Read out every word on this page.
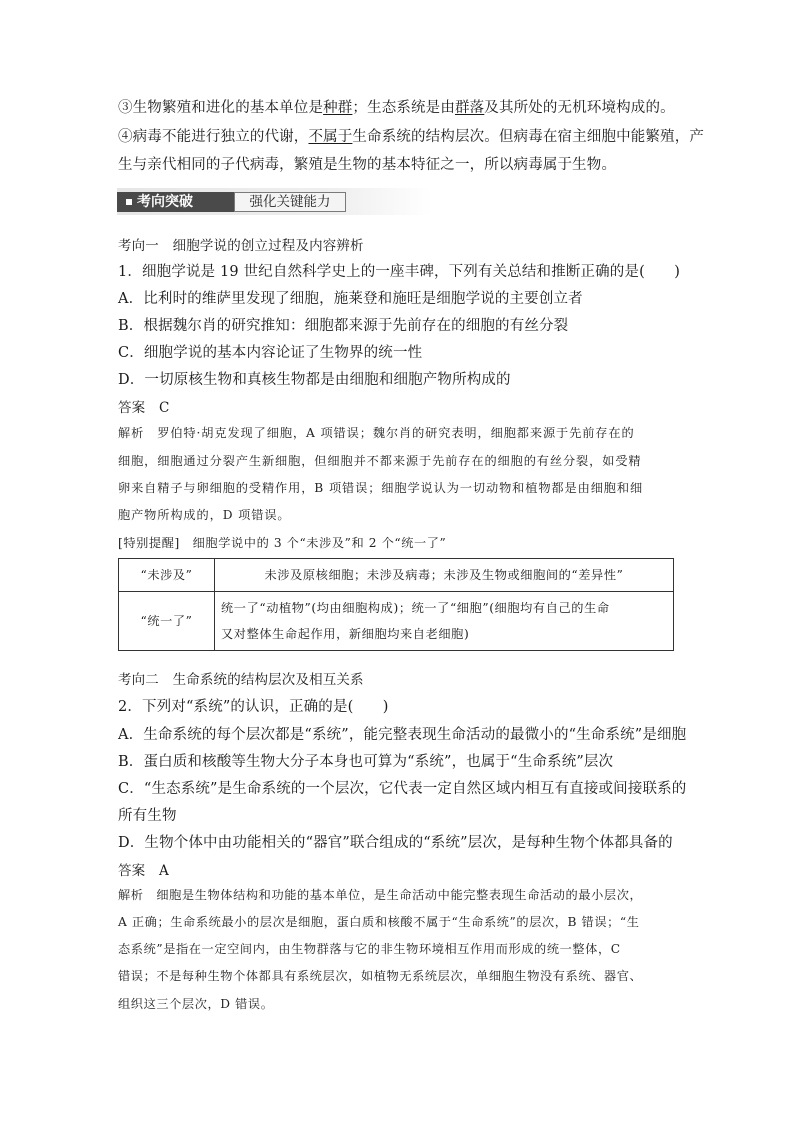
③生物繁殖和进化的基本单位是种群；生态系统是由群落及其所处的无机环境构成的。
④病毒不能进行独立的代谢，不属于生命系统的结构层次。但病毒在宿主细胞中能繁殖，产
生与亲代相同的子代病毒，繁殖是生物的基本特征之一，所以病毒属于生物。
考向突破	强化关键能力
考向一　细胞学说的创立过程及内容辨析
1．细胞学说是 19 世纪自然科学史上的一座丰碑，下列有关总结和推断正确的是(　　)
A．比利时的维萨里发现了细胞，施莱登和施旺是细胞学说的主要创立者
B．根据魏尔肖的研究推知：细胞都来源于先前存在的细胞的有丝分裂
C．细胞学说的基本内容论证了生物界的统一性
D．一切原核生物和真核生物都是由细胞和细胞产物所构成的
答案　C
解析　罗伯特·胡克发现了细胞，A 项错误；魏尔肖的研究表明，细胞都来源于先前存在的
细胞，细胞通过分裂产生新细胞，但细胞并不都来源于先前存在的细胞的有丝分裂，如受精
卵来自精子与卵细胞的受精作用，B 项错误；细胞学说认为一切动物和植物都是由细胞和细
胞产物所构成的，D 项错误。
[特别提醒]　细胞学说中的 3 个“未涉及”和 2 个“统一了”
“未涉及”	未涉及原核细胞；未涉及病毒；未涉及生物或细胞间的“差异性”
“统一了”	统一了“动植物”(均由细胞构成)；统一了“细胞”(细胞均有自己的生命
又对整体生命起作用，新细胞均来自老细胞)
考向二　生命系统的结构层次及相互关系
2．下列对“系统”的认识，正确的是(　　)
A．生命系统的每个层次都是“系统”，能完整表现生命活动的最微小的“生命系统”是细胞
B．蛋白质和核酸等生物大分子本身也可算为“系统”，也属于“生命系统”层次
C．“生态系统”是生命系统的一个层次，它代表一定自然区域内相互有直接或间接联系的
所有生物
D．生物个体中由功能相关的“器官”联合组成的“系统”层次，是每种生物个体都具备的
答案　A
解析　细胞是生物体结构和功能的基本单位，是生命活动中能完整表现生命活动的最小层次，
A 正确；生命系统最小的层次是细胞，蛋白质和核酸不属于“生命系统”的层次，B 错误；“生
态系统”是指在一定空间内，由生物群落与它的非生物环境相互作用而形成的统一整体，C
错误；不是每种生物个体都具有系统层次，如植物无系统层次，单细胞生物没有系统、器官、
组织这三个层次，D 错误。
